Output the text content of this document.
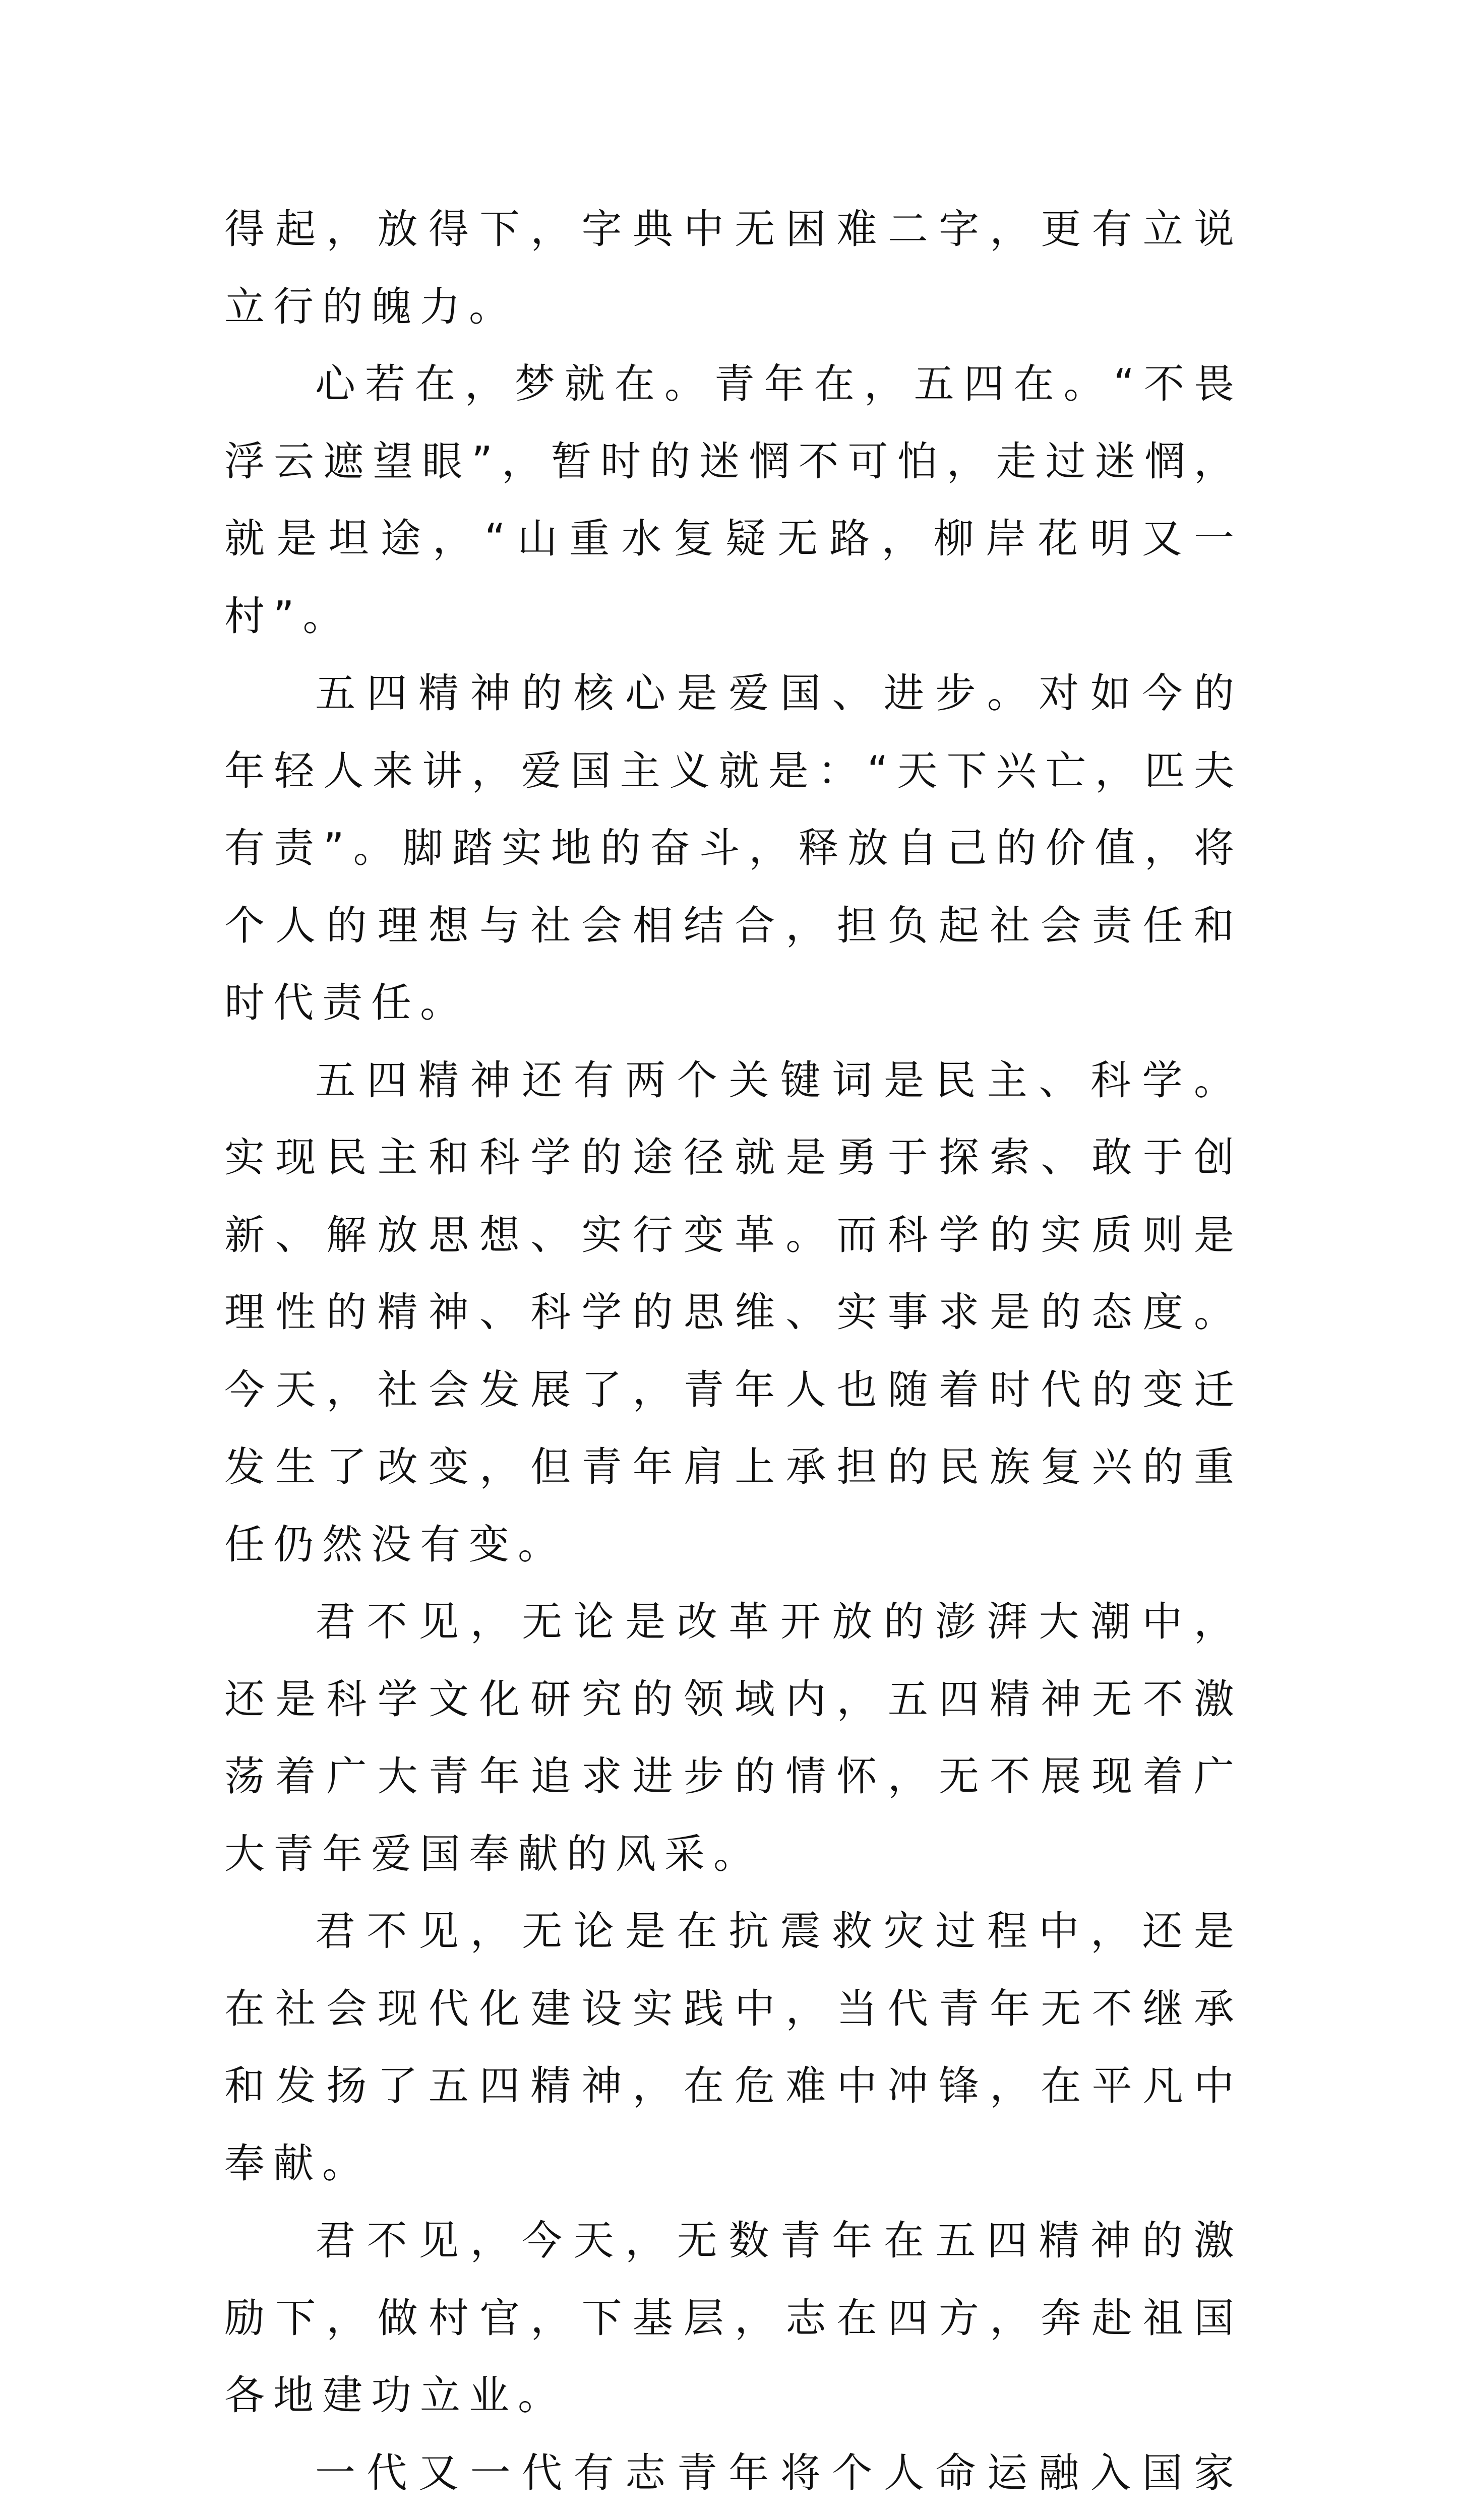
得起，放得下，字典中无困难二字，更有立说立行的魄力。

心若在，梦就在。青年在，五四在。“不畏浮云遮望眼”，暂时的迷惘不可怕，走过迷惘，就是坦途，“山重水复疑无路，柳岸花明又一村”。

五四精神的核心是爱国、进步。对如今的年轻人来讲，爱国主义就是：“天下兴亡，匹夫有责”。脚踏实地的奋斗，释放自己的价值，将个人的理想与社会相结合，担负起社会责任和时代责任。

五四精神还有两个关键词是民主、科学。实现民主和科学的途径就是勇于探索、敢于创新、解放思想、实行变革。而科学的实质则是理性的精神、科学的思维、实事求是的态度。今天，社会发展了，青年人也随着时代的变迁发生了改变，但青年肩上承担的民族复兴的重任仍然没有变。

君不见，无论是改革开放的澎湃大潮中，还是科学文化研究的领域内，五四精神无不激荡着广大青年追求进步的情怀，无不展现着广大青年爱国奉献的风采。

君不见，无论是在抗震救灾过程中，还是在社会现代化建设实践中，当代青年无不继承和发扬了五四精神，在危难中冲锋，在平凡中奉献。

君不见，今天，无数青年在五四精神的激励下，做村官，下基层，志在四方，奔赴祖国各地建功立业。

一代又一代有志青年将个人命运融入国家
